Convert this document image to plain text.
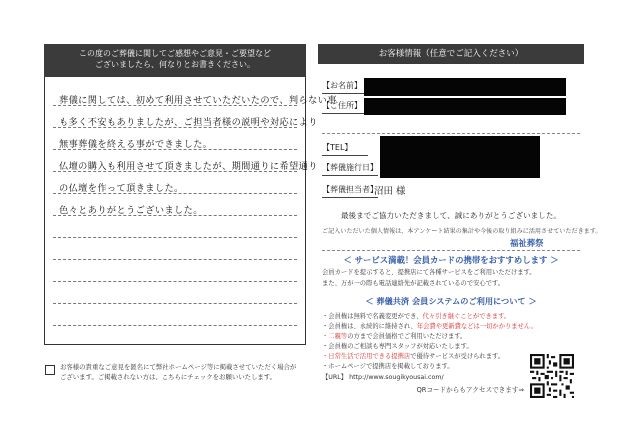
この度のご葬儀に関してご感想やご意見・ご要望など
ございましたら、何なりとお書きください。
葬儀に関しては、初めて利用させていただいたので、判らない事
も多く不安もありましたが、ご担当者様の説明や対応により
無事葬儀を終える事ができました。
仏壇の購入も利用させて頂きましたが、期間通りに希望通り
の仏壇を作って頂きました。
色々とありがとうございました。
お客様の貴重なご意見を匿名にて弊社ホームページ等に掲載させていただく場合が
ございます。ご掲載されない方は、こちらにチェックをお願いいたします。
お客様情報（任意でご記入ください）
【お名前】
【ご住所】
【TEL】
【葬儀施行日】
【葬儀担当者】
沼田 様
最後までご協力いただきまして、誠にありがとうございました。
ご記入いただいた個人情報は、本アンケート結果の集計や今後の取り組みに活用させていただきます。
福祉葬祭
＜ サービス満載！会員カードの携帯をおすすめします ＞
会員カードを提示すると、提携店にて各種サービスをご利用いただけます。
また、万が一の際も電話連絡先が記載されているので安心です。
＜ 葬儀共済 会員システムのご利用について ＞
・会員権は無料で名義変更ができ、代々引き継ぐことができます。
・会員権は、永続的に維持され、年会費や更新費などは一切かかりません。
・二親等の方まで会員価格でご利用いただけます。
・会員権のご相談も専門スタッフが対応いたします。
・日常生活で活用できる提携店で優待サービスが受けられます。
・ホームページで提携店を掲載しております。
【URL】 http://www.sougikyousai.com/
QRコードからもアクセスできます⇒
